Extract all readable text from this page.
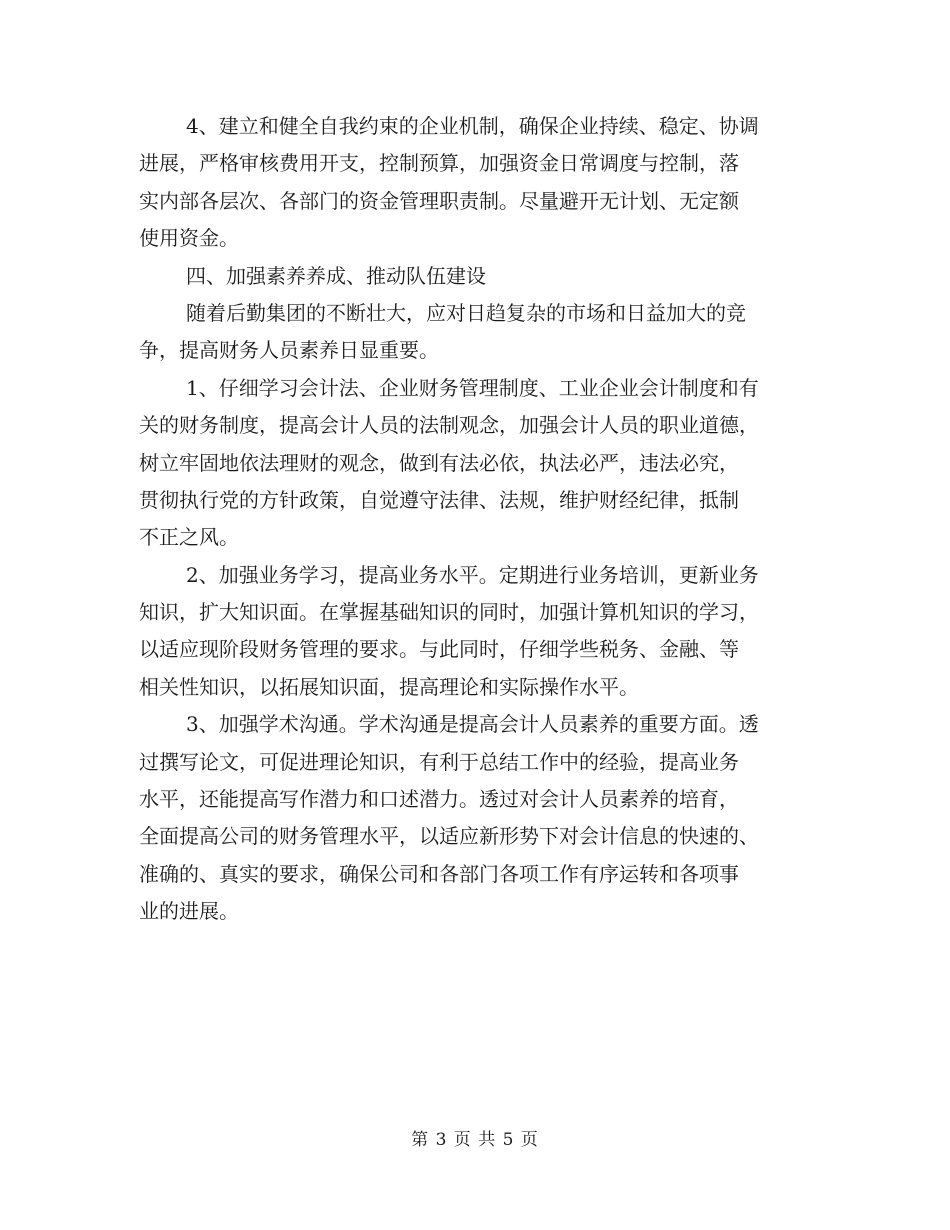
4、建立和健全自我约束的企业机制，确保企业持续、稳定、协调
进展，严格审核费用开支，控制预算，加强资金日常调度与控制，落
实内部各层次、各部门的资金管理职责制。尽量避开无计划、无定额
使用资金。
四、加强素养养成、推动队伍建设
随着后勤集团的不断壮大，应对日趋复杂的市场和日益加大的竞
争，提高财务人员素养日显重要。
1、仔细学习会计法、企业财务管理制度、工业企业会计制度和有
关的财务制度，提高会计人员的法制观念，加强会计人员的职业道德，
树立牢固地依法理财的观念，做到有法必依，执法必严，违法必究，
贯彻执行党的方针政策，自觉遵守法律、法规，维护财经纪律，抵制
不正之风。
2、加强业务学习，提高业务水平。定期进行业务培训，更新业务
知识，扩大知识面。在掌握基础知识的同时，加强计算机知识的学习，
以适应现阶段财务管理的要求。与此同时，仔细学些税务、金融、等
相关性知识，以拓展知识面，提高理论和实际操作水平。
3、加强学术沟通。学术沟通是提高会计人员素养的重要方面。透
过撰写论文，可促进理论知识，有利于总结工作中的经验，提高业务
水平，还能提高写作潜力和口述潜力。透过对会计人员素养的培育，
全面提高公司的财务管理水平，以适应新形势下对会计信息的快速的、
准确的、真实的要求，确保公司和各部门各项工作有序运转和各项事
业的进展。
第 3 页 共 5 页
